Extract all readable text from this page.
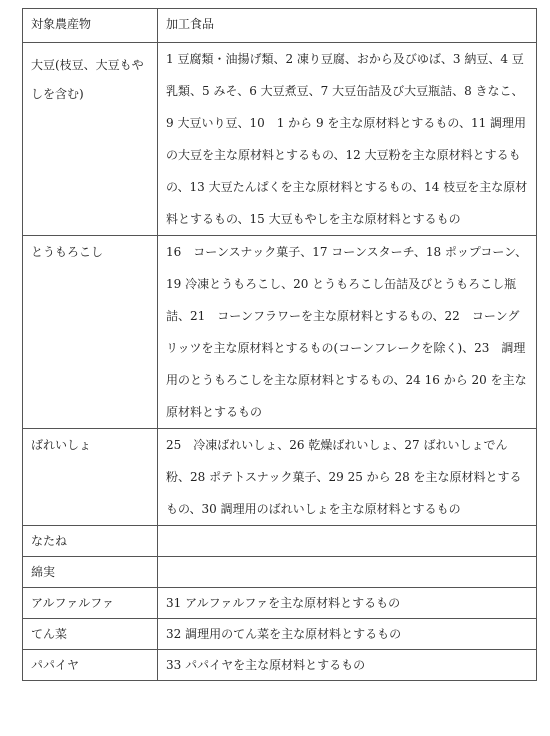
対象農産物	加工食品
大豆(枝豆、大豆もやしを含む)	1 豆腐類・油揚げ類、2 凍り豆腐、おから及びゆば、3 納豆、4 豆乳類、5 みそ、6 大豆煮豆、7 大豆缶詰及び大豆瓶詰、8 きなこ、9 大豆いり豆、10　1 から 9 を主な原材料とするもの、11 調理用の大豆を主な原材料とするもの、12 大豆粉を主な原材料とするもの、13 大豆たんぱくを主な原材料とするもの、14 枝豆を主な原材料とするもの、15 大豆もやしを主な原材料とするもの
とうもろこし	16　コーンスナック菓子、17 コーンスターチ、18 ポップコーン、19 冷凍とうもろこし、20 とうもろこし缶詰及びとうもろこし瓶詰、21　コーンフラワーを主な原材料とするもの、22　コーングリッツを主な原材料とするもの(コーンフレークを除く)、23　調理用のとうもろこしを主な原材料とするもの、24 16 から 20 を主な原材料とするもの
ばれいしょ	25　冷凍ばれいしょ、26 乾燥ばれいしょ、27 ばれいしょでん粉、28 ポテトスナック菓子、29 25 から 28 を主な原材料とするもの、30 調理用のばれいしょを主な原材料とするもの
なたね	
綿実	
アルファルファ	31 アルファルファを主な原材料とするもの
てん菜	32 調理用のてん菜を主な原材料とするもの
パパイヤ	33 パパイヤを主な原材料とするもの
